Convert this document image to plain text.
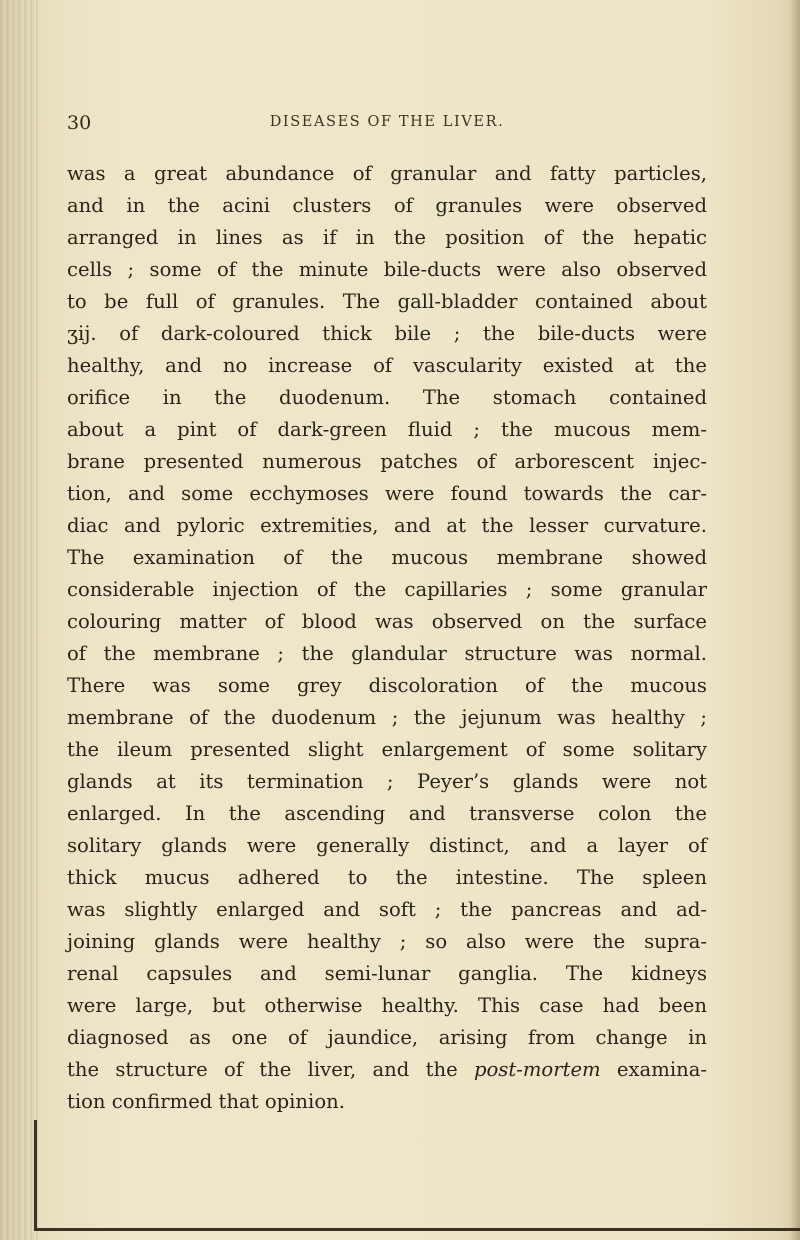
30	DISEASES OF THE LIVER.
was a great abundance of granular and fatty particles,
and in the acini clusters of granules were observed
arranged in lines as if in the position of the hepatic
cells ; some of the minute bile-ducts were also observed
to be full of granules. The gall-bladder contained about
ʒij. of dark-coloured thick bile ; the bile-ducts were
healthy, and no increase of vascularity existed at the
orifice in the duodenum. The stomach contained
about a pint of dark-green fluid ; the mucous mem-
brane presented numerous patches of arborescent injec-
tion, and some ecchymoses were found towards the car-
diac and pyloric extremities, and at the lesser curvature.
The examination of the mucous membrane showed
considerable injection of the capillaries ; some granular
colouring matter of blood was observed on the surface
of the membrane ; the glandular structure was normal.
There was some grey discoloration of the mucous
membrane of the duodenum ; the jejunum was healthy ;
the ileum presented slight enlargement of some solitary
glands at its termination ; Peyer’s glands were not
enlarged. In the ascending and transverse colon the
solitary glands were generally distinct, and a layer of
thick mucus adhered to the intestine. The spleen
was slightly enlarged and soft ; the pancreas and ad-
joining glands were healthy ; so also were the supra-
renal capsules and semi-lunar ganglia. The kidneys
were large, but otherwise healthy. This case had been
diagnosed as one of jaundice, arising from change in
the structure of the liver, and the post-mortem examina-
tion confirmed that opinion.
